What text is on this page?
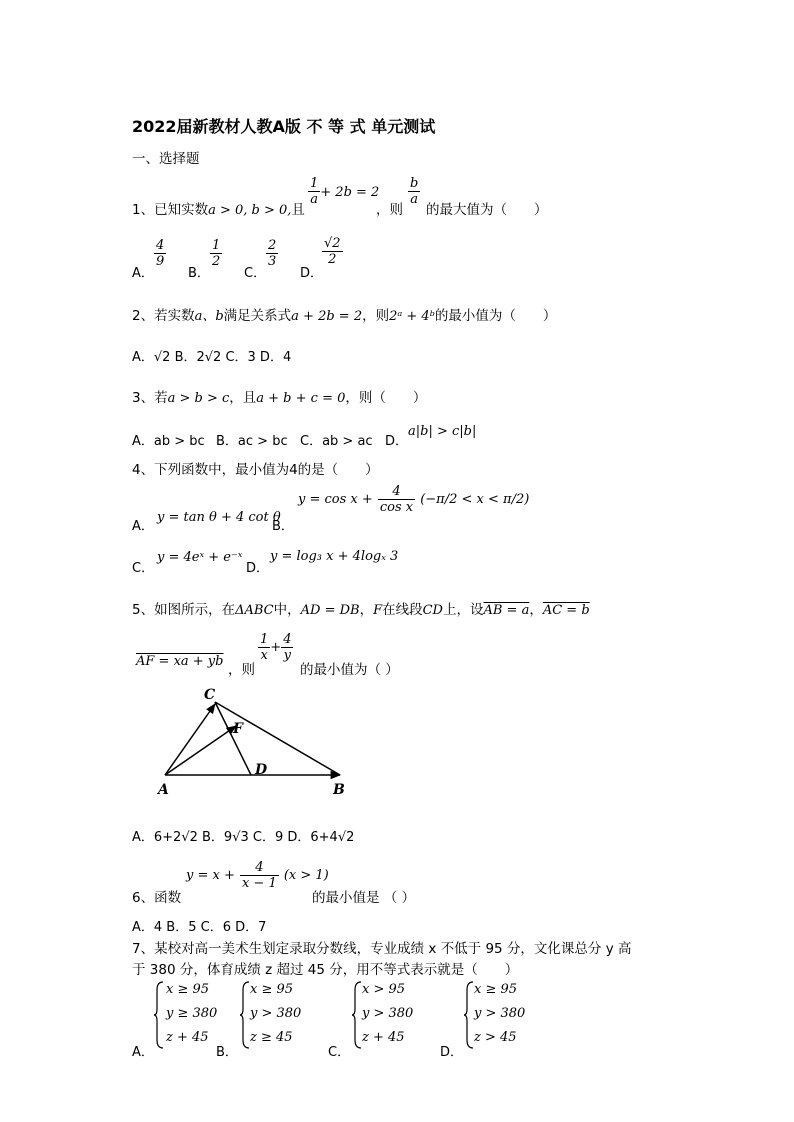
2022届新教材人教A版 不 等 式 单元测试
一、选择题
1、已知实数a > 0, b > 0,且
$\frac{1}{a} + 2b = 2$
，则
$\frac{b}{a}$
的最大值为（　　）
A．
$\frac{4}{9}$
B．
$\frac{1}{2}$
C．
$\frac{2}{3}$
D．
$\frac{√2}{2}$
2、若实数a、b满足关系式a + 2b = 2，则2ᵃ + 4ᵇ的最小值为（　　）
A．√2 B．2√2 C．3 D．4
3、若a > b > c，且a + b + c = 0，则（　　）
A．ab > bc B．ac > bc C．ab > ac D．
a|b| > c|b|
4、下列函数中，最小值为4的是（　　）
A．
y = tan θ + 4 cot θ
B．
$y = \cos x + \frac{4}{\text{cos x}} (-\pi/2 < x < \pi/2)$
C．
y = 4eˣ + e⁻ˣ
D．
y = log₃ x + 4logₓ 3
5、如图所示，在ΔABC中，AD = DB，F在线段CD上，设AB = a，AC = b
AF = xa + yb
，则
$\frac{1}{x} + \frac{4}{y}$
的最小值为（ ）
C
F
D
A	B
A．6+2√2 B．9√3 C．9 D．6+4√2
6、函数
$y = x + \frac{4}{x - 1} (x > 1)$
的最小值是 （ ）
A．4 B．5 C．6 D．7
7、某校对高一美术生划定录取分数线，专业成绩 x 不低于 95 分，文化课总分 y 高
于 380 分，体育成绩 z 超过 45 分，用不等式表示就是（　　）
A．
x ≥ 95
y ≥ 380
z + 45
B．
x ≥ 95
y > 380
z ≥ 45
C．
x > 95
y > 380
z + 45
D．
x ≥ 95
y > 380
z > 45
